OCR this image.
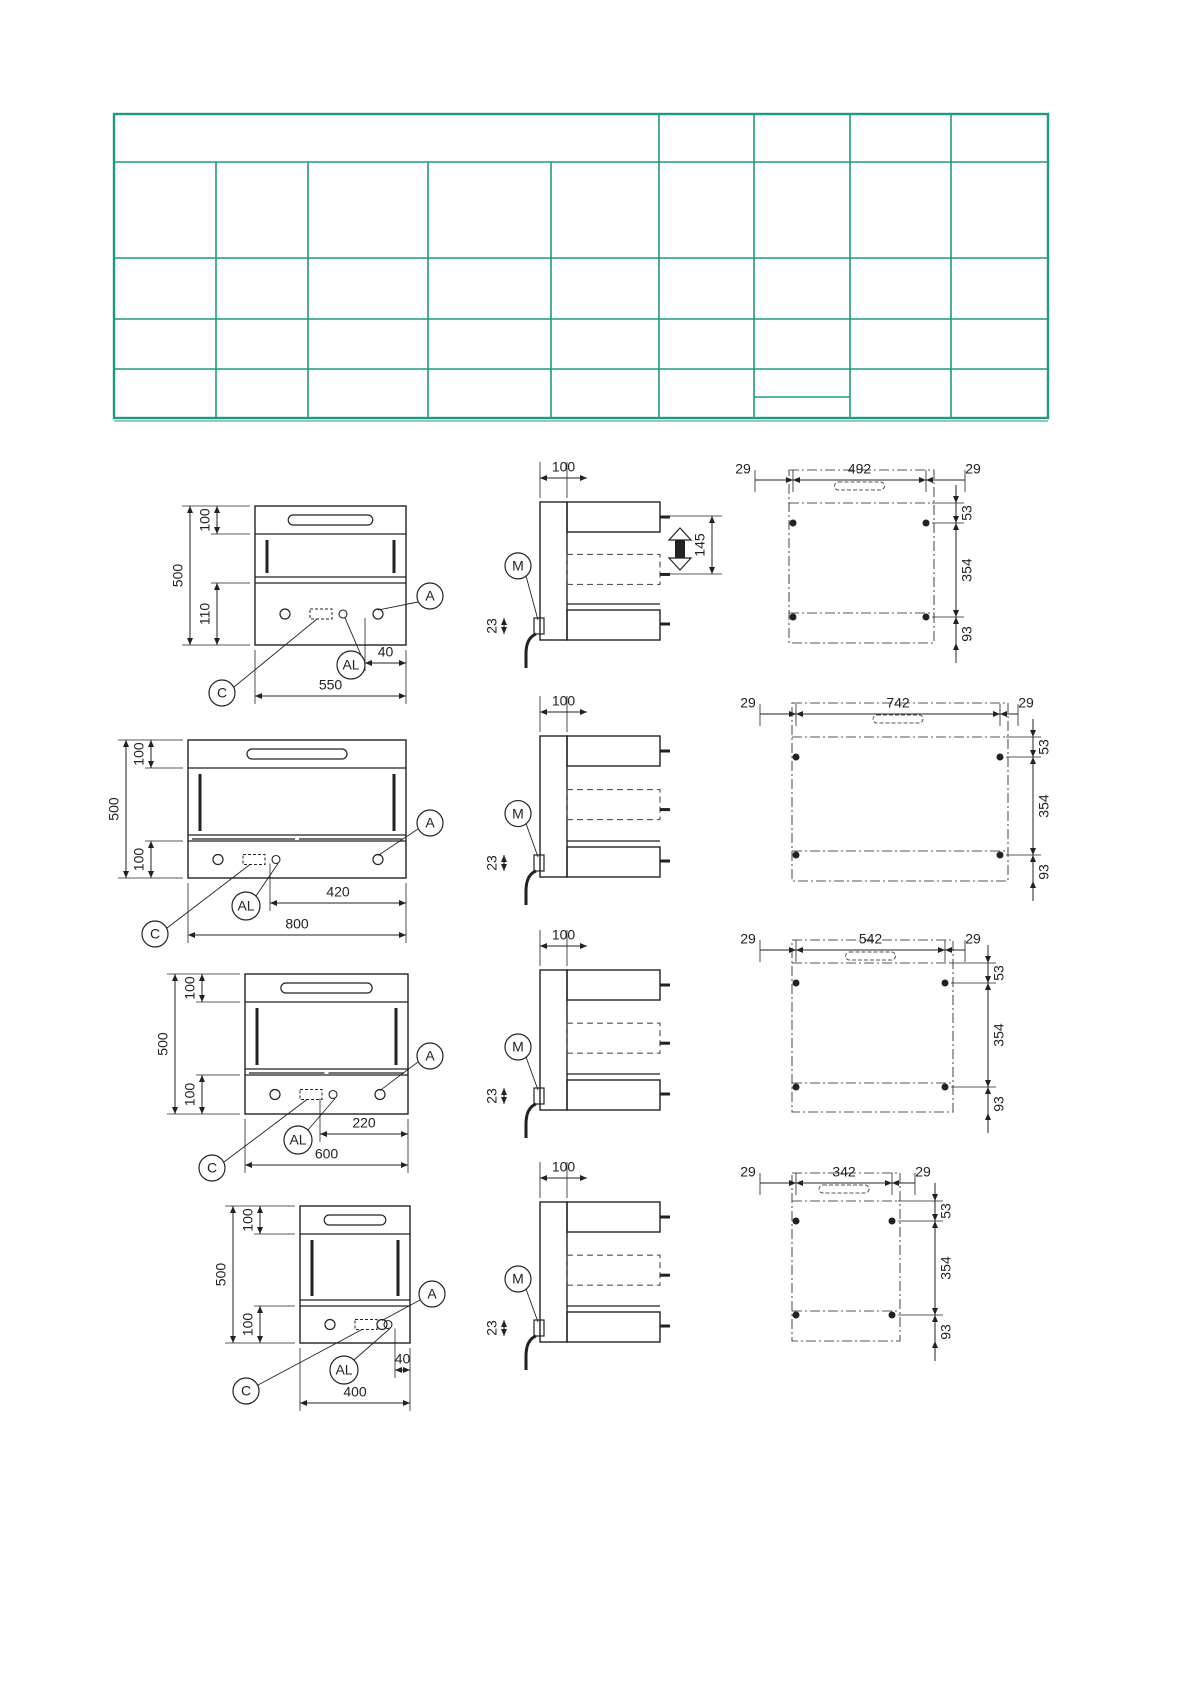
500
100
110
550
40
A
AL
C
500
100
100
800
420
A
AL
C
500
100
100
600
220
A
AL
C
500
100
100
400
40
A
AL
C
100
23
M
145
100
23
M
100
23
M
100
23
M
29	492	29
53
354
93
29	742	29
53
354
93
29	542	29
53
354
93
29	342	29
53
354
93
